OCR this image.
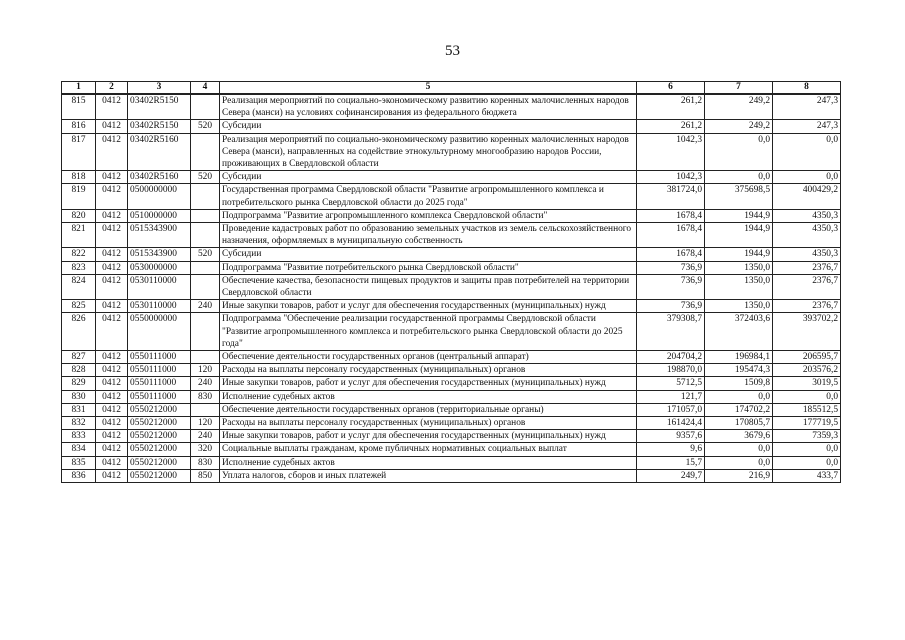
53
1	2	3	4	5	6	7	8
815	0412	03402R5150		Реализация мероприятий по социально-экономическому развитию коренных малочисленных народов Севера (манси) на условиях софинансирования из федерального бюджета	261,2	249,2	247,3
816	0412	03402R5150	520	Субсидии	261,2	249,2	247,3
817	0412	03402R5160		Реализация мероприятий по социально-экономическому развитию коренных малочисленных народов Севера (манси), направленных на содействие этнокультурному многообразию народов России, проживающих в Свердловской области	1042,3	0,0	0,0
818	0412	03402R5160	520	Субсидии	1042,3	0,0	0,0
819	0412	0500000000		Государственная программа Свердловской области "Развитие агропромышленного комплекса и потребительского рынка Свердловской области до 2025 года"	381724,0	375698,5	400429,2
820	0412	0510000000		Подпрограмма "Развитие агропромышленного комплекса Свердловской области"	1678,4	1944,9	4350,3
821	0412	0515343900		Проведение кадастровых работ по образованию земельных участков из земель сельскохозяйственного назначения, оформляемых в муниципальную собственность	1678,4	1944,9	4350,3
822	0412	0515343900	520	Субсидии	1678,4	1944,9	4350,3
823	0412	0530000000		Подпрограмма "Развитие потребительского рынка Свердловской области"	736,9	1350,0	2376,7
824	0412	0530110000		Обеспечение качества, безопасности пищевых продуктов и защиты прав потребителей на территории Свердловской области	736,9	1350,0	2376,7
825	0412	0530110000	240	Иные закупки товаров, работ и услуг для обеспечения государственных (муниципальных) нужд	736,9	1350,0	2376,7
826	0412	0550000000		Подпрограмма "Обеспечение реализации государственной программы Свердловской области "Развитие агропромышленного комплекса и потребительского рынка Свердловской области до 2025 года"	379308,7	372403,6	393702,2
827	0412	0550111000		Обеспечение деятельности государственных органов (центральный аппарат)	204704,2	196984,1	206595,7
828	0412	0550111000	120	Расходы на выплаты персоналу государственных (муниципальных) органов	198870,0	195474,3	203576,2
829	0412	0550111000	240	Иные закупки товаров, работ и услуг для обеспечения государственных (муниципальных) нужд	5712,5	1509,8	3019,5
830	0412	0550111000	830	Исполнение судебных актов	121,7	0,0	0,0
831	0412	0550212000		Обеспечение деятельности государственных органов (территориальные органы)	171057,0	174702,2	185512,5
832	0412	0550212000	120	Расходы на выплаты персоналу государственных (муниципальных) органов	161424,4	170805,7	177719,5
833	0412	0550212000	240	Иные закупки товаров, работ и услуг для обеспечения государственных (муниципальных) нужд	9357,6	3679,6	7359,3
834	0412	0550212000	320	Социальные выплаты гражданам, кроме публичных нормативных социальных выплат	9,6	0,0	0,0
835	0412	0550212000	830	Исполнение судебных актов	15,7	0,0	0,0
836	0412	0550212000	850	Уплата налогов, сборов и иных платежей	249,7	216,9	433,7
